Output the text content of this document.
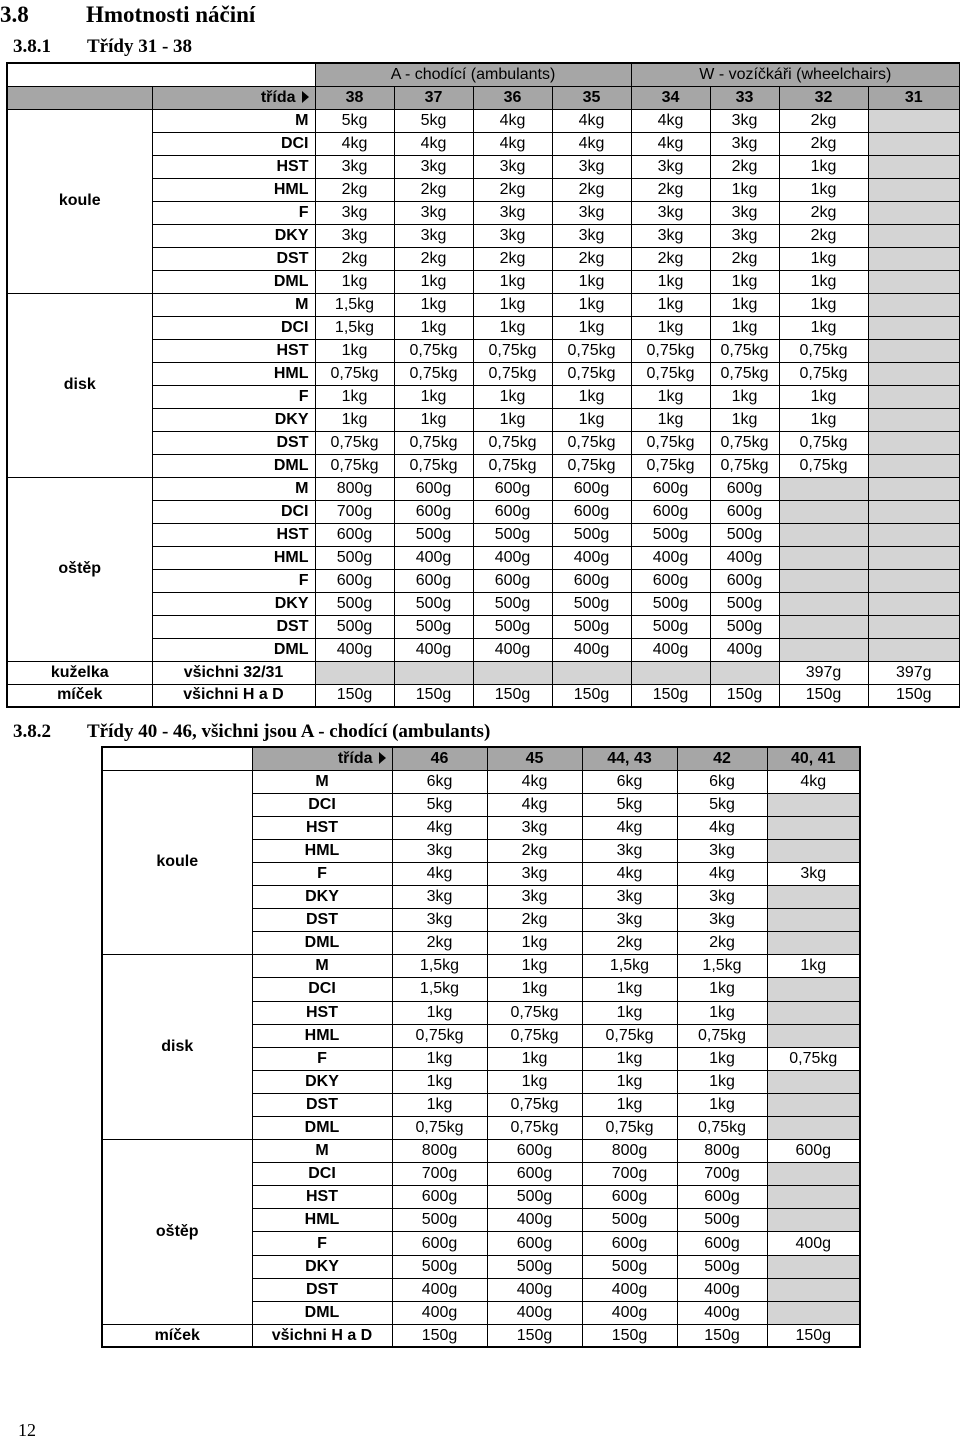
3.8 Hmotnosti náčiní
3.8.1 Třídy 31 - 38
		A - chodící (ambulants)				W - vozíčkáři (wheelchairs)			
	třída	38	37	36	35	34	33	32	31
koule	M	5kg	5kg	4kg	4kg	4kg	3kg	2kg	
	DCI	4kg	4kg	4kg	4kg	4kg	3kg	2kg	
	HST	3kg	3kg	3kg	3kg	3kg	2kg	1kg	
	HML	2kg	2kg	2kg	2kg	2kg	1kg	1kg	
	F	3kg	3kg	3kg	3kg	3kg	3kg	2kg	
	DKY	3kg	3kg	3kg	3kg	3kg	3kg	2kg	
	DST	2kg	2kg	2kg	2kg	2kg	2kg	1kg	
	DML	1kg	1kg	1kg	1kg	1kg	1kg	1kg	
disk	M	1,5kg	1kg	1kg	1kg	1kg	1kg	1kg	
	DCI	1,5kg	1kg	1kg	1kg	1kg	1kg	1kg	
	HST	1kg	0,75kg	0,75kg	0,75kg	0,75kg	0,75kg	0,75kg	
	HML	0,75kg	0,75kg	0,75kg	0,75kg	0,75kg	0,75kg	0,75kg	
	F	1kg	1kg	1kg	1kg	1kg	1kg	1kg	
	DKY	1kg	1kg	1kg	1kg	1kg	1kg	1kg	
	DST	0,75kg	0,75kg	0,75kg	0,75kg	0,75kg	0,75kg	0,75kg	
	DML	0,75kg	0,75kg	0,75kg	0,75kg	0,75kg	0,75kg	0,75kg	
oštěp	M	800g	600g	600g	600g	600g	600g		
	DCI	700g	600g	600g	600g	600g	600g		
	HST	600g	500g	500g	500g	500g	500g		
	HML	500g	400g	400g	400g	400g	400g		
	F	600g	600g	600g	600g	600g	600g		
	DKY	500g	500g	500g	500g	500g	500g		
	DST	500g	500g	500g	500g	500g	500g		
	DML	400g	400g	400g	400g	400g	400g		
kuželka	všichni 32/31							397g	397g
míček	všichni H a D	150g	150g	150g	150g	150g	150g	150g	150g
3.8.2 Třídy 40 - 46, všichni jsou A - chodící (ambulants)
	třída	46	45	44, 43	42	40, 41
koule	M	6kg	4kg	6kg	6kg	4kg
	DCI	5kg	4kg	5kg	5kg	
	HST	4kg	3kg	4kg	4kg	
	HML	3kg	2kg	3kg	3kg	
	F	4kg	3kg	4kg	4kg	3kg
	DKY	3kg	3kg	3kg	3kg	
	DST	3kg	2kg	3kg	3kg	
	DML	2kg	1kg	2kg	2kg	
disk	M	1,5kg	1kg	1,5kg	1,5kg	1kg
	DCI	1,5kg	1kg	1kg	1kg	
	HST	1kg	0,75kg	1kg	1kg	
	HML	0,75kg	0,75kg	0,75kg	0,75kg	
	F	1kg	1kg	1kg	1kg	0,75kg
	DKY	1kg	1kg	1kg	1kg	
	DST	1kg	0,75kg	1kg	1kg	
	DML	0,75kg	0,75kg	0,75kg	0,75kg	
oštěp	M	800g	600g	800g	800g	600g
	DCI	700g	600g	700g	700g	
	HST	600g	500g	600g	600g	
	HML	500g	400g	500g	500g	
	F	600g	600g	600g	600g	400g
	DKY	500g	500g	500g	500g	
	DST	400g	400g	400g	400g	
	DML	400g	400g	400g	400g	
míček	všichni H a D	150g	150g	150g	150g	150g
12
